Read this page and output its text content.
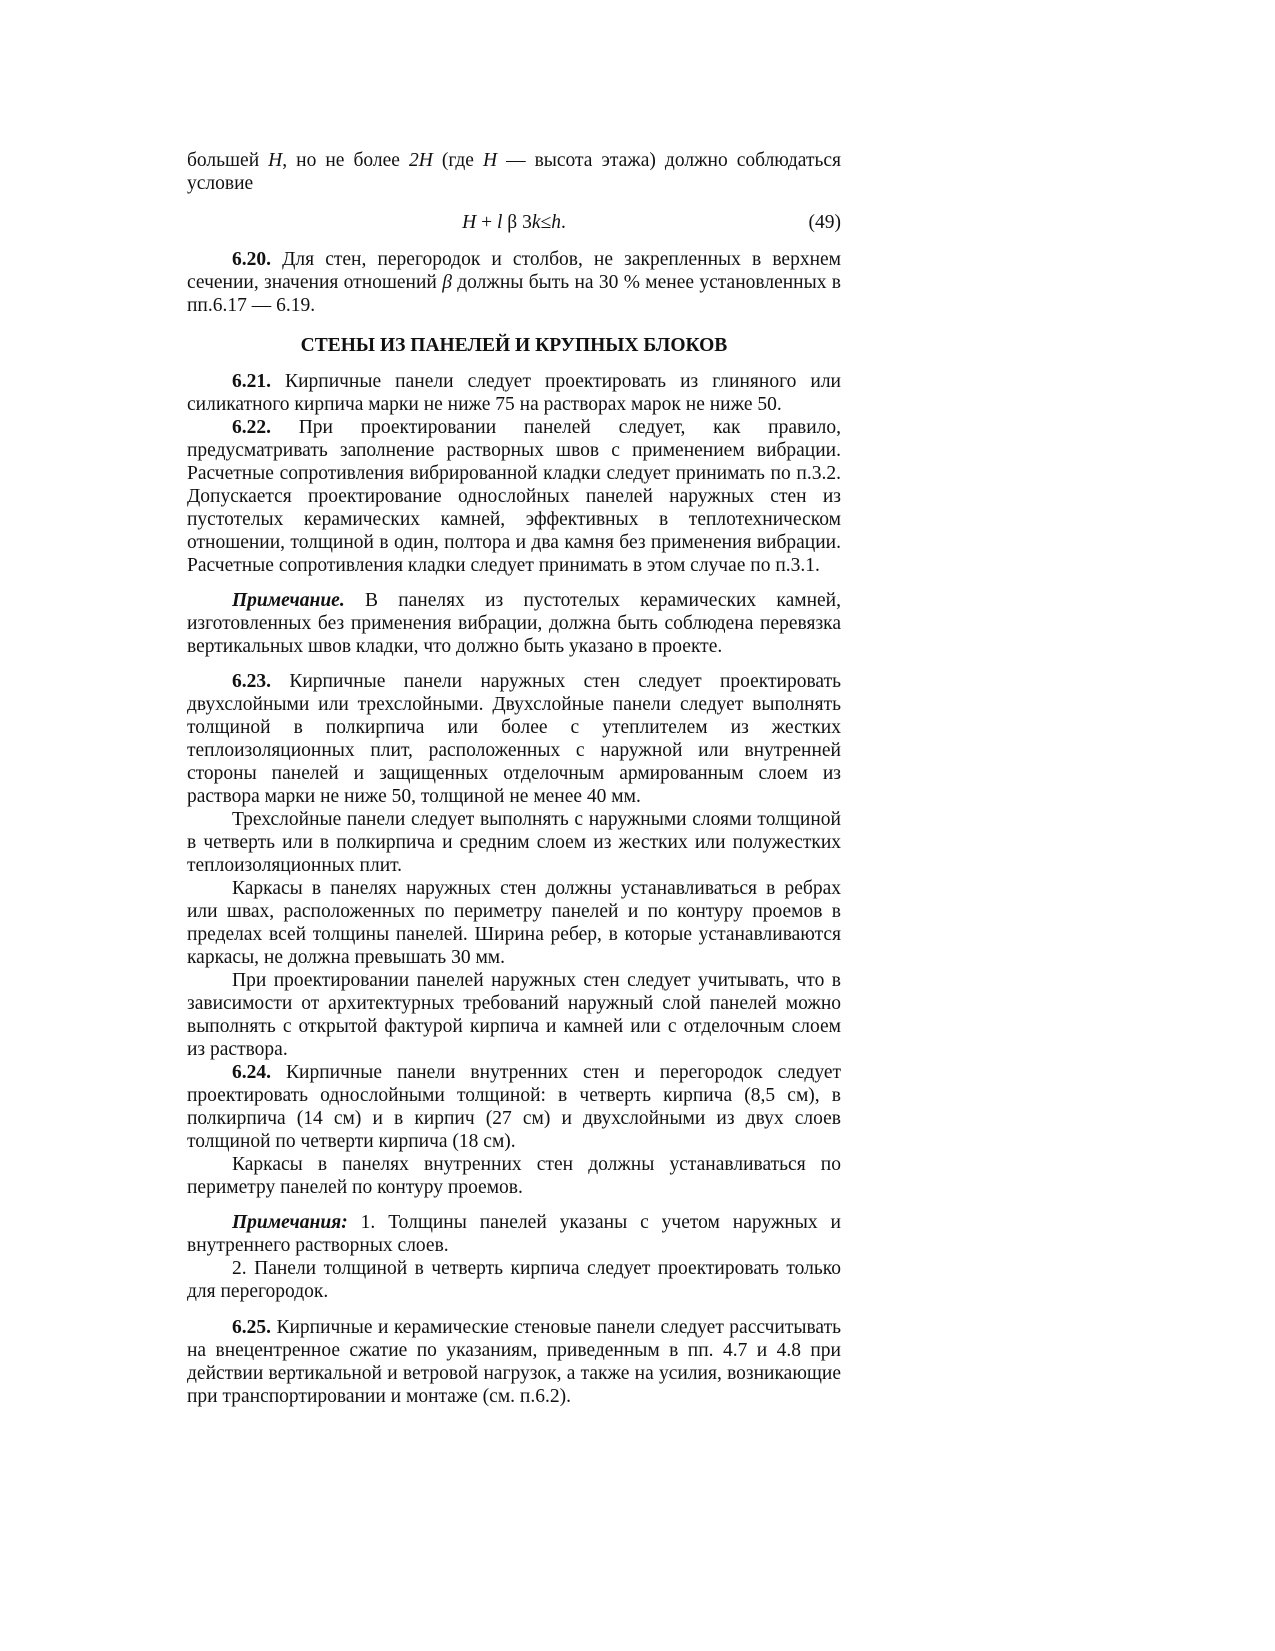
большей H, но не более 2H (где H — высота этажа) должно соблюдаться условие

H + l β 3k≤h.	(49)

6.20. Для стен, перегородок и столбов, не закрепленных в верхнем сечении, значения отношений β должны быть на 30 % менее установленных в пп.6.17 — 6.19.

СТЕНЫ ИЗ ПАНЕЛЕЙ И КРУПНЫХ БЛОКОВ

6.21. Кирпичные панели следует проектировать из глиняного или силикатного кирпича марки не ниже 75 на растворах марок не ниже 50.

6.22. При проектировании панелей следует, как правило, предусматривать заполнение растворных швов с применением вибрации. Расчетные сопротивления вибрированной кладки следует принимать по п.3.2. Допускается проектирование однослойных панелей наружных стен из пустотелых керамических камней, эффективных в теплотехническом отношении, толщиной в один, полтора и два камня без применения вибрации. Расчетные сопротивления кладки следует принимать в этом случае по п.3.1.

Примечание. В панелях из пустотелых керамических камней, изготовленных без применения вибрации, должна быть соблюдена перевязка вертикальных швов кладки, что должно быть указано в проекте.

6.23. Кирпичные панели наружных стен следует проектировать двухслойными или трехслойными. Двухслойные панели следует выполнять толщиной в полкирпича или более с утеплителем из жестких теплоизоляционных плит, расположенных с наружной или внутренней стороны панелей и защищенных отделочным армированным слоем из раствора марки не ниже 50, толщиной не менее 40 мм.

Трехслойные панели следует выполнять с наружными слоями толщиной в четверть или в полкирпича и средним слоем из жестких или полужестких теплоизоляционных плит.

Каркасы в панелях наружных стен должны устанавливаться в ребрах или швах, расположенных по периметру панелей и по контуру проемов в пределах всей толщины панелей. Ширина ребер, в которые устанавливаются каркасы, не должна превышать 30 мм.

При проектировании панелей наружных стен следует учитывать, что в зависимости от архитектурных требований наружный слой панелей можно выполнять с открытой фактурой кирпича и камней или с отделочным слоем из раствора.

6.24. Кирпичные панели внутренних стен и перегородок следует проектировать однослойными толщиной: в четверть кирпича (8,5 см), в полкирпича (14 см) и в кирпич (27 см) и двухслойными из двух слоев толщиной по четверти кирпича (18 см).

Каркасы в панелях внутренних стен должны устанавливаться по периметру панелей по контуру проемов.

Примечания: 1. Толщины панелей указаны с учетом наружных и внутреннего растворных слоев.

2. Панели толщиной в четверть кирпича следует проектировать только для перегородок.

6.25. Кирпичные и керамические стеновые панели следует рассчитывать на внецентренное сжатие по указаниям, приведенным в пп. 4.7 и 4.8 при действии вертикальной и ветровой нагрузок, а также на усилия, возникающие при транспортировании и монтаже (см. п.6.2).
